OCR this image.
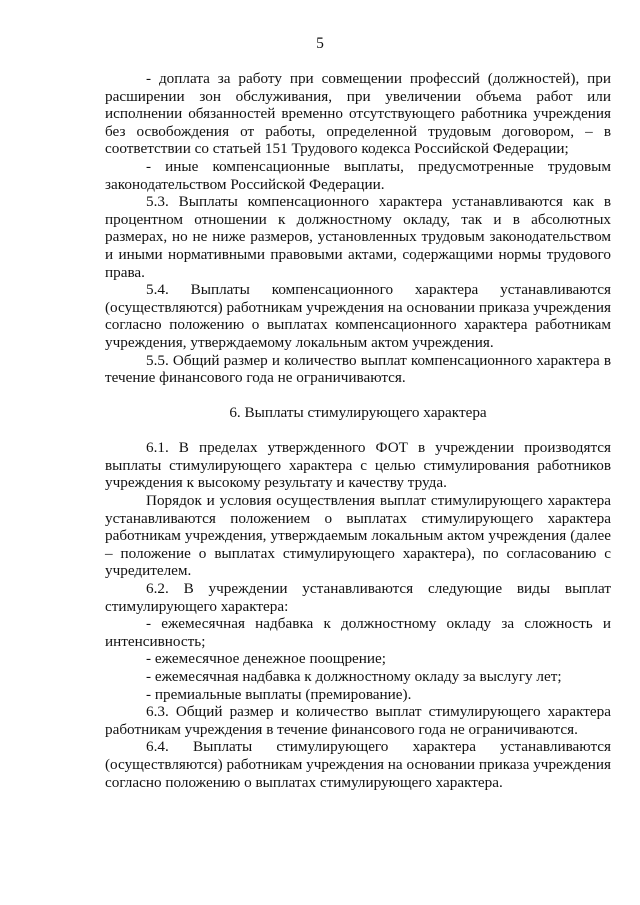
5

- доплата за работу при совмещении профессий (должностей), при расширении зон обслуживания, при увеличении объема работ или исполнении обязанностей временно отсутствующего работника учреждения без освобождения от работы, определенной трудовым договором, – в соответствии со статьей 151 Трудового кодекса Российской Федерации;

- иные компенсационные выплаты, предусмотренные трудовым законодательством Российской Федерации.

5.3. Выплаты компенсационного характера устанавливаются как в процентном отношении к должностному окладу, так и в абсолютных размерах, но не ниже размеров, установленных трудовым законодательством и иными нормативными правовыми актами, содержащими нормы трудового права.

5.4. Выплаты компенсационного характера устанавливаются (осуществляются) работникам учреждения на основании приказа учреждения согласно положению о выплатах компенсационного характера работникам учреждения, утверждаемому локальным актом учреждения.

5.5. Общий размер и количество выплат компенсационного характера в течение финансового года не ограничиваются.

6. Выплаты стимулирующего характера

6.1. В пределах утвержденного ФОТ в учреждении производятся выплаты стимулирующего характера с целью стимулирования работников учреждения к высокому результату и качеству труда.

Порядок и условия осуществления выплат стимулирующего характера устанавливаются положением о выплатах стимулирующего характера работникам учреждения, утверждаемым локальным актом учреждения (далее – положение о выплатах стимулирующего характера), по согласованию с учредителем.

6.2. В учреждении устанавливаются следующие виды выплат стимулирующего характера:

- ежемесячная надбавка к должностному окладу за сложность и интенсивность;

- ежемесячное денежное поощрение;

- ежемесячная надбавка к должностному окладу за выслугу лет;

- премиальные выплаты (премирование).

6.3. Общий размер и количество выплат стимулирующего характера работникам учреждения в течение финансового года не ограничиваются.

6.4. Выплаты стимулирующего характера устанавливаются (осуществляются) работникам учреждения на основании приказа учреждения согласно положению о выплатах стимулирующего характера.
